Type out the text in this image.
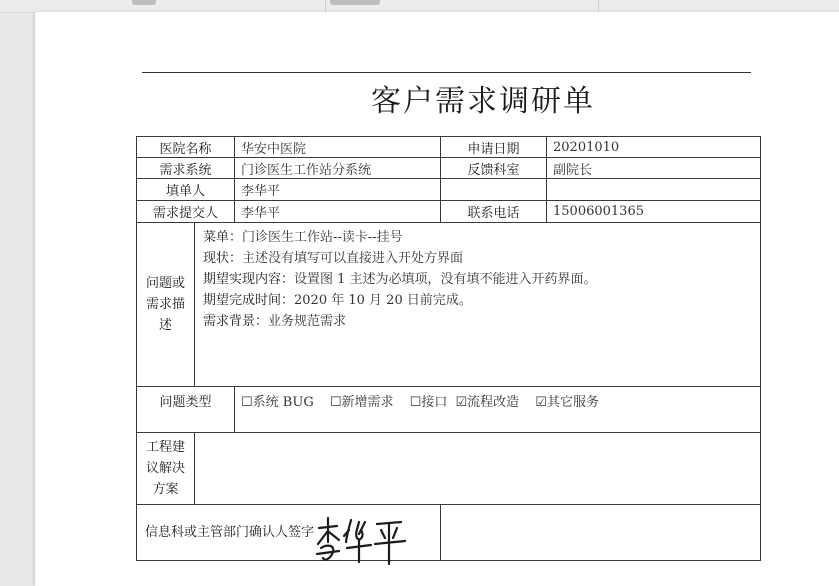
客户需求调研单
医院名称		华安中医院	申请日期	20201010
需求系统		门诊医生工作站分系统	反馈科室	副院长
填单人		李华平		
需求提交人		李华平	联系电话	15006001365
问题或需求描述	菜单：门诊医生工作站--读卡--挂号
现状：主述没有填写可以直接进入开处方界面
期望实现内容：设置图 1 主述为必填项，没有填不能进入开药界面。
期望完成时间：2020 年 10 月 20 日前完成。
需求背景：业务规范需求			

问题类型		☐系统 BUG ☐新增需求 ☐接口 ☑流程改造 ☑其它服务		
工程建议解决方案				
信息科或主管部门确认人签字				
